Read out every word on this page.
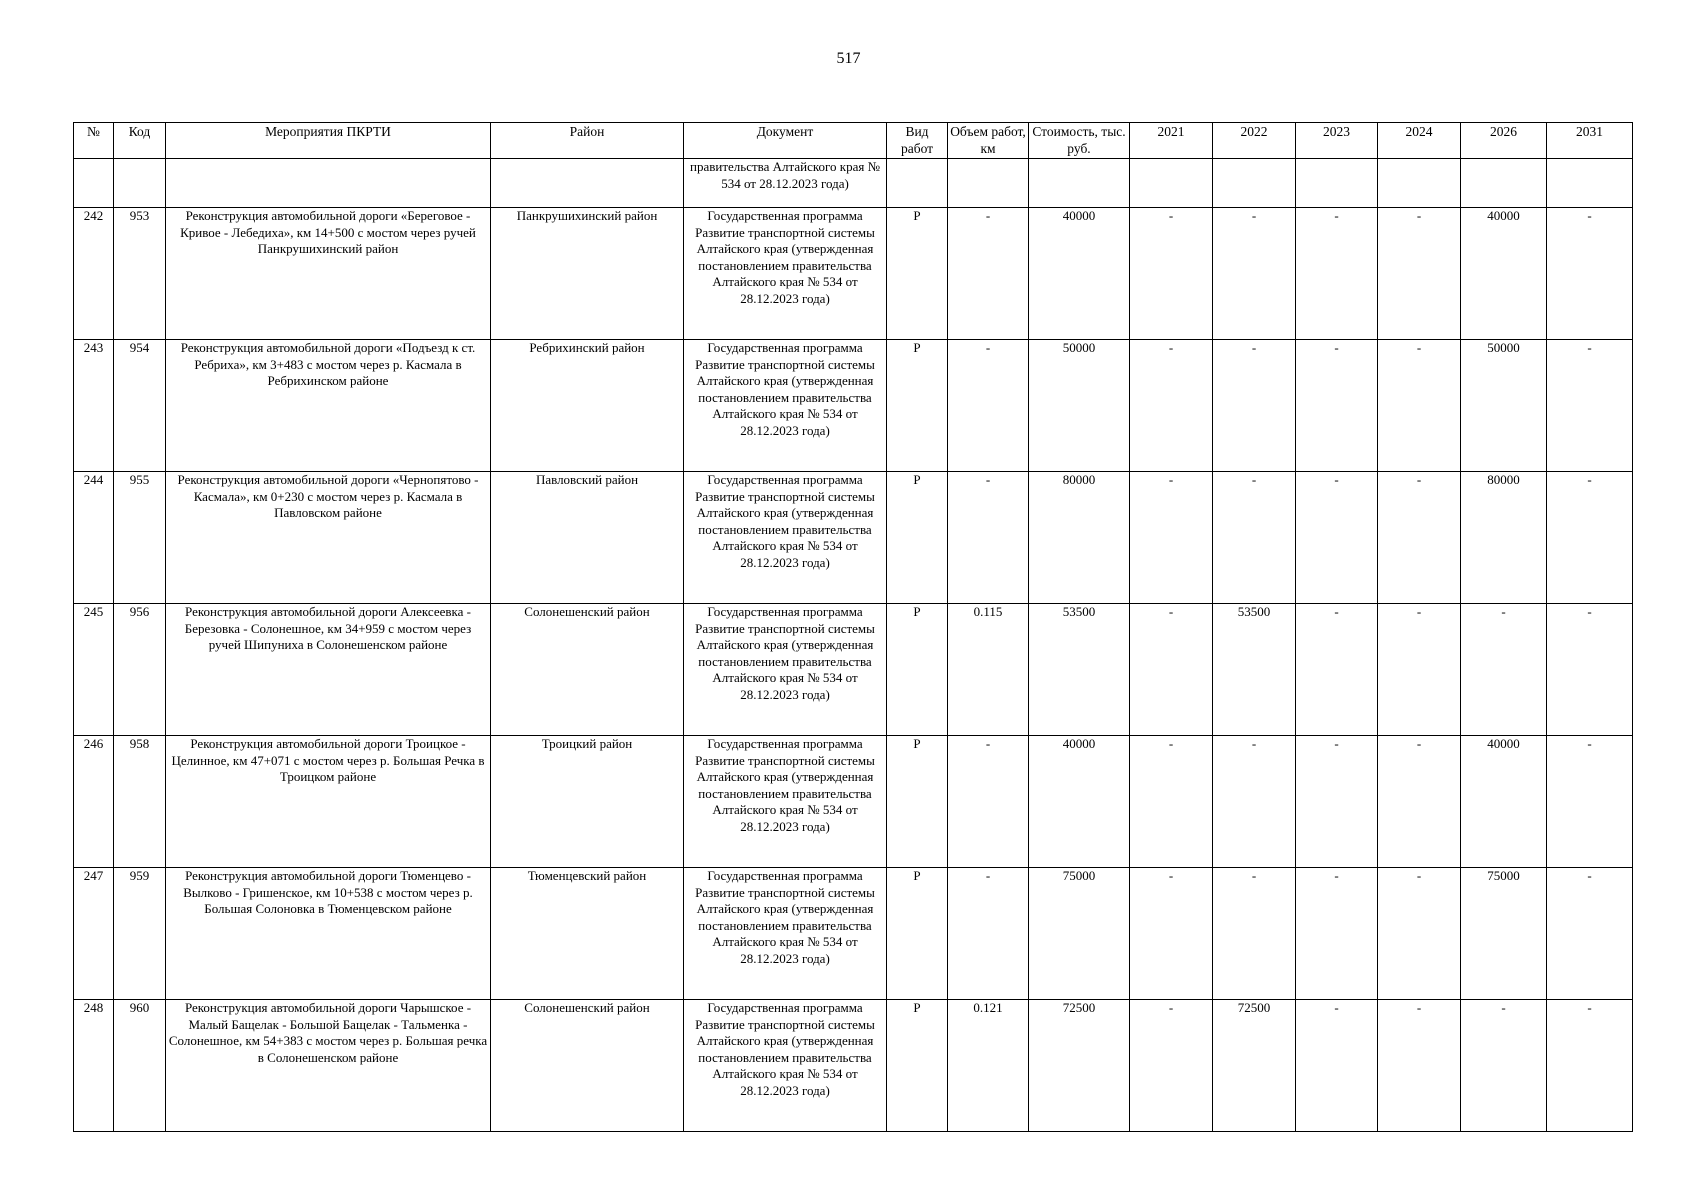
517
№	Код	Мероприятия ПКРТИ	Район	Документ	Вид работ	Объем работ, км	Стоимость, тыс. руб.	2021	2022	2023	2024	2026	2031
				правительства Алтайского края № 534 от 28.12.2023 года)									
242	953	Реконструкция автомобильной дороги «Береговое - Кривое - Лебедиха», км 14+500 с мостом через ручей Панкрушихинский район	Панкрушихинский район	Государственная программа Развитие транспортной системы Алтайского края (утвержденная постановлением правительства Алтайского края № 534 от 28.12.2023 года)	Р	-	40000	-	-	-	-	40000	-
243	954	Реконструкция автомобильной дороги «Подъезд к ст. Ребриха», км 3+483 с мостом через р. Касмала в Ребрихинском районе	Ребрихинский район	Государственная программа Развитие транспортной системы Алтайского края (утвержденная постановлением правительства Алтайского края № 534 от 28.12.2023 года)	Р	-	50000	-	-	-	-	50000	-
244	955	Реконструкция автомобильной дороги «Чернопятово - Касмала», км 0+230 с мостом через р. Касмала в Павловском районе	Павловский район	Государственная программа Развитие транспортной системы Алтайского края (утвержденная постановлением правительства Алтайского края № 534 от 28.12.2023 года)	Р	-	80000	-	-	-	-	80000	-
245	956	Реконструкция автомобильной дороги Алексеевка - Березовка - Солонешное, км 34+959 с мостом через ручей Шипуниха в Солонешенском районе	Солонешенский район	Государственная программа Развитие транспортной системы Алтайского края (утвержденная постановлением правительства Алтайского края № 534 от 28.12.2023 года)	Р	0.115	53500	-	53500	-	-	-	-
246	958	Реконструкция автомобильной дороги Троицкое - Целинное, км 47+071 с мостом через р. Большая Речка в Троицком районе	Троицкий район	Государственная программа Развитие транспортной системы Алтайского края (утвержденная постановлением правительства Алтайского края № 534 от 28.12.2023 года)	Р	-	40000	-	-	-	-	40000	-
247	959	Реконструкция автомобильной дороги Тюменцево - Вылково - Гришенское, км 10+538 с мостом через р. Большая Солоновка в Тюменцевском районе	Тюменцевский район	Государственная программа Развитие транспортной системы Алтайского края (утвержденная постановлением правительства Алтайского края № 534 от 28.12.2023 года)	Р	-	75000	-	-	-	-	75000	-
248	960	Реконструкция автомобильной дороги Чарышское - Малый Бащелак - Большой Бащелак - Тальменка - Солонешное, км 54+383 с мостом через р. Большая речка в Солонешенском районе	Солонешенский район	Государственная программа Развитие транспортной системы Алтайского края (утвержденная постановлением правительства Алтайского края № 534 от 28.12.2023 года)	Р	0.121	72500	-	72500	-	-	-	-
